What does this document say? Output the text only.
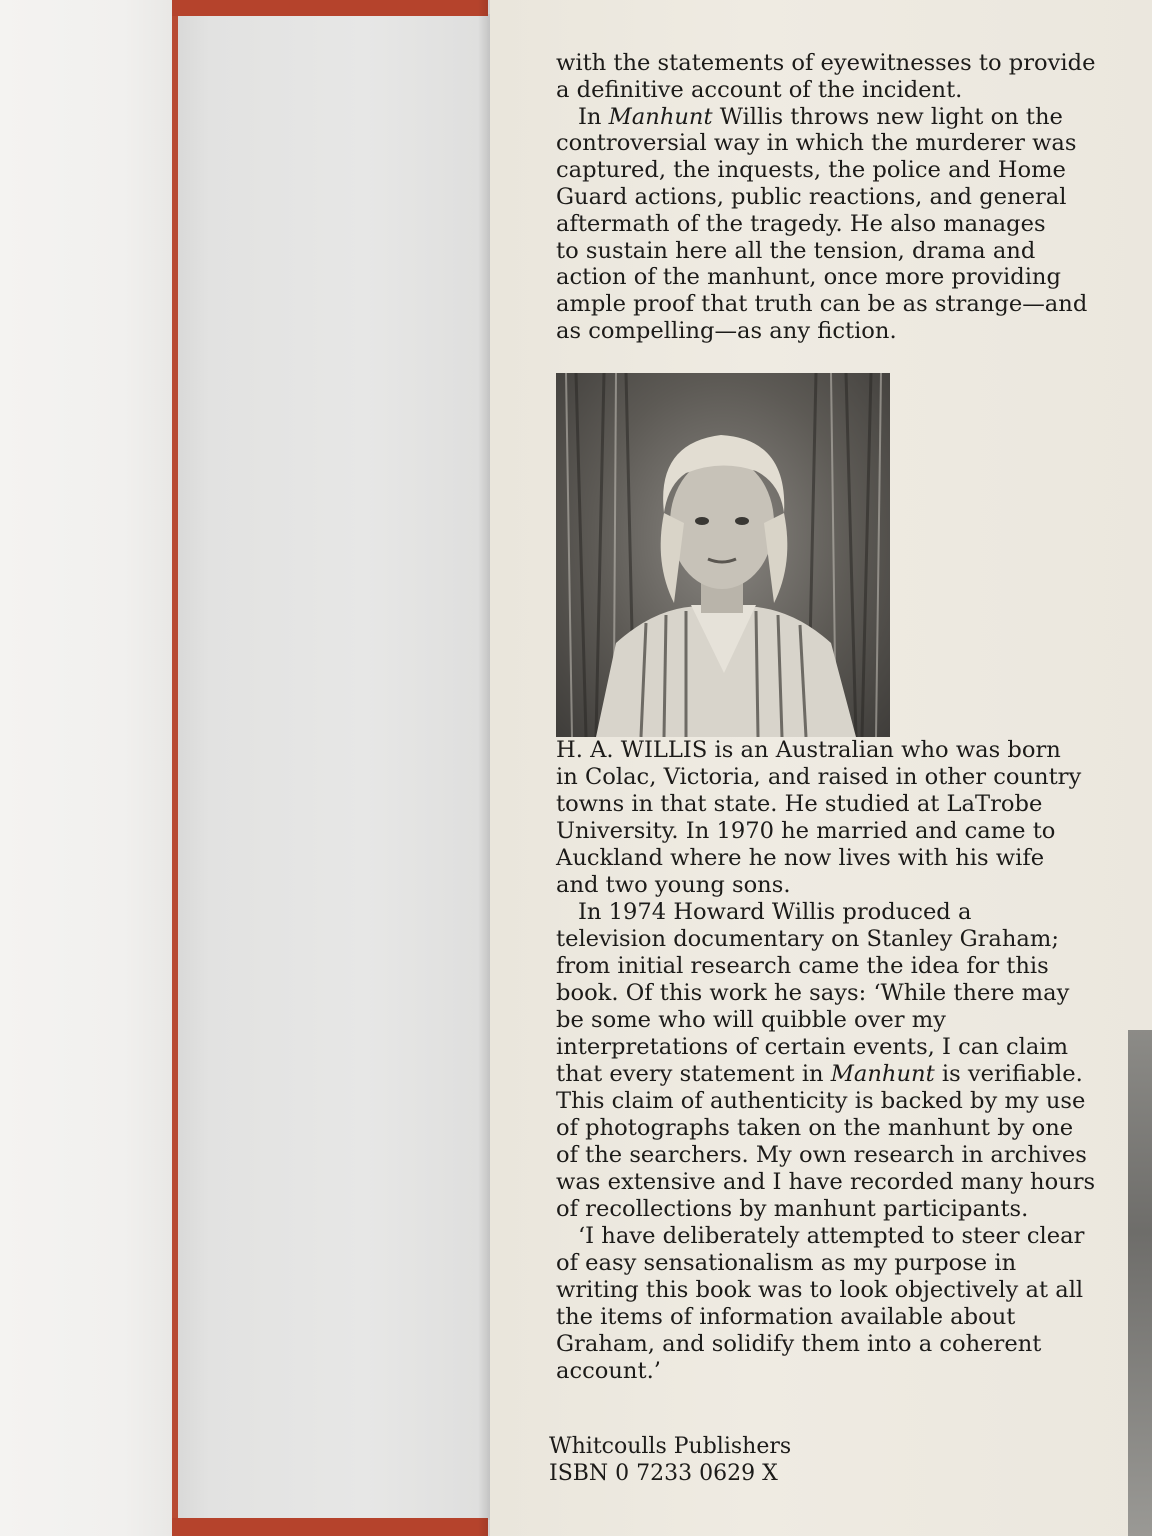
with the statements of eyewitnesses to provide

a definitive account of the incident.

In Manhunt Willis throws new light on the

controversial way in which the murderer was

captured, the inquests, the police and Home

Guard actions, public reactions, and general

aftermath of the tragedy. He also manages

to sustain here all the tension, drama and

action of the manhunt, once more providing

ample proof that truth can be as strange—and

as compelling—as any fiction.

H. A. WILLIS is an Australian who was born

in Colac, Victoria, and raised in other country

towns in that state. He studied at LaTrobe

University. In 1970 he married and came to

Auckland where he now lives with his wife

and two young sons.

In 1974 Howard Willis produced a

television documentary on Stanley Graham;

from initial research came the idea for this

book. Of this work he says: ‘While there may

be some who will quibble over my

interpretations of certain events, I can claim

that every statement in Manhunt is verifiable.

This claim of authenticity is backed by my use

of photographs taken on the manhunt by one

of the searchers. My own research in archives

was extensive and I have recorded many hours

of recollections by manhunt participants.

‘I have deliberately attempted to steer clear

of easy sensationalism as my purpose in

writing this book was to look objectively at all

the items of information available about

Graham, and solidify them into a coherent

account.’

Whitcoulls Publishers
ISBN 0 7233 0629 X
